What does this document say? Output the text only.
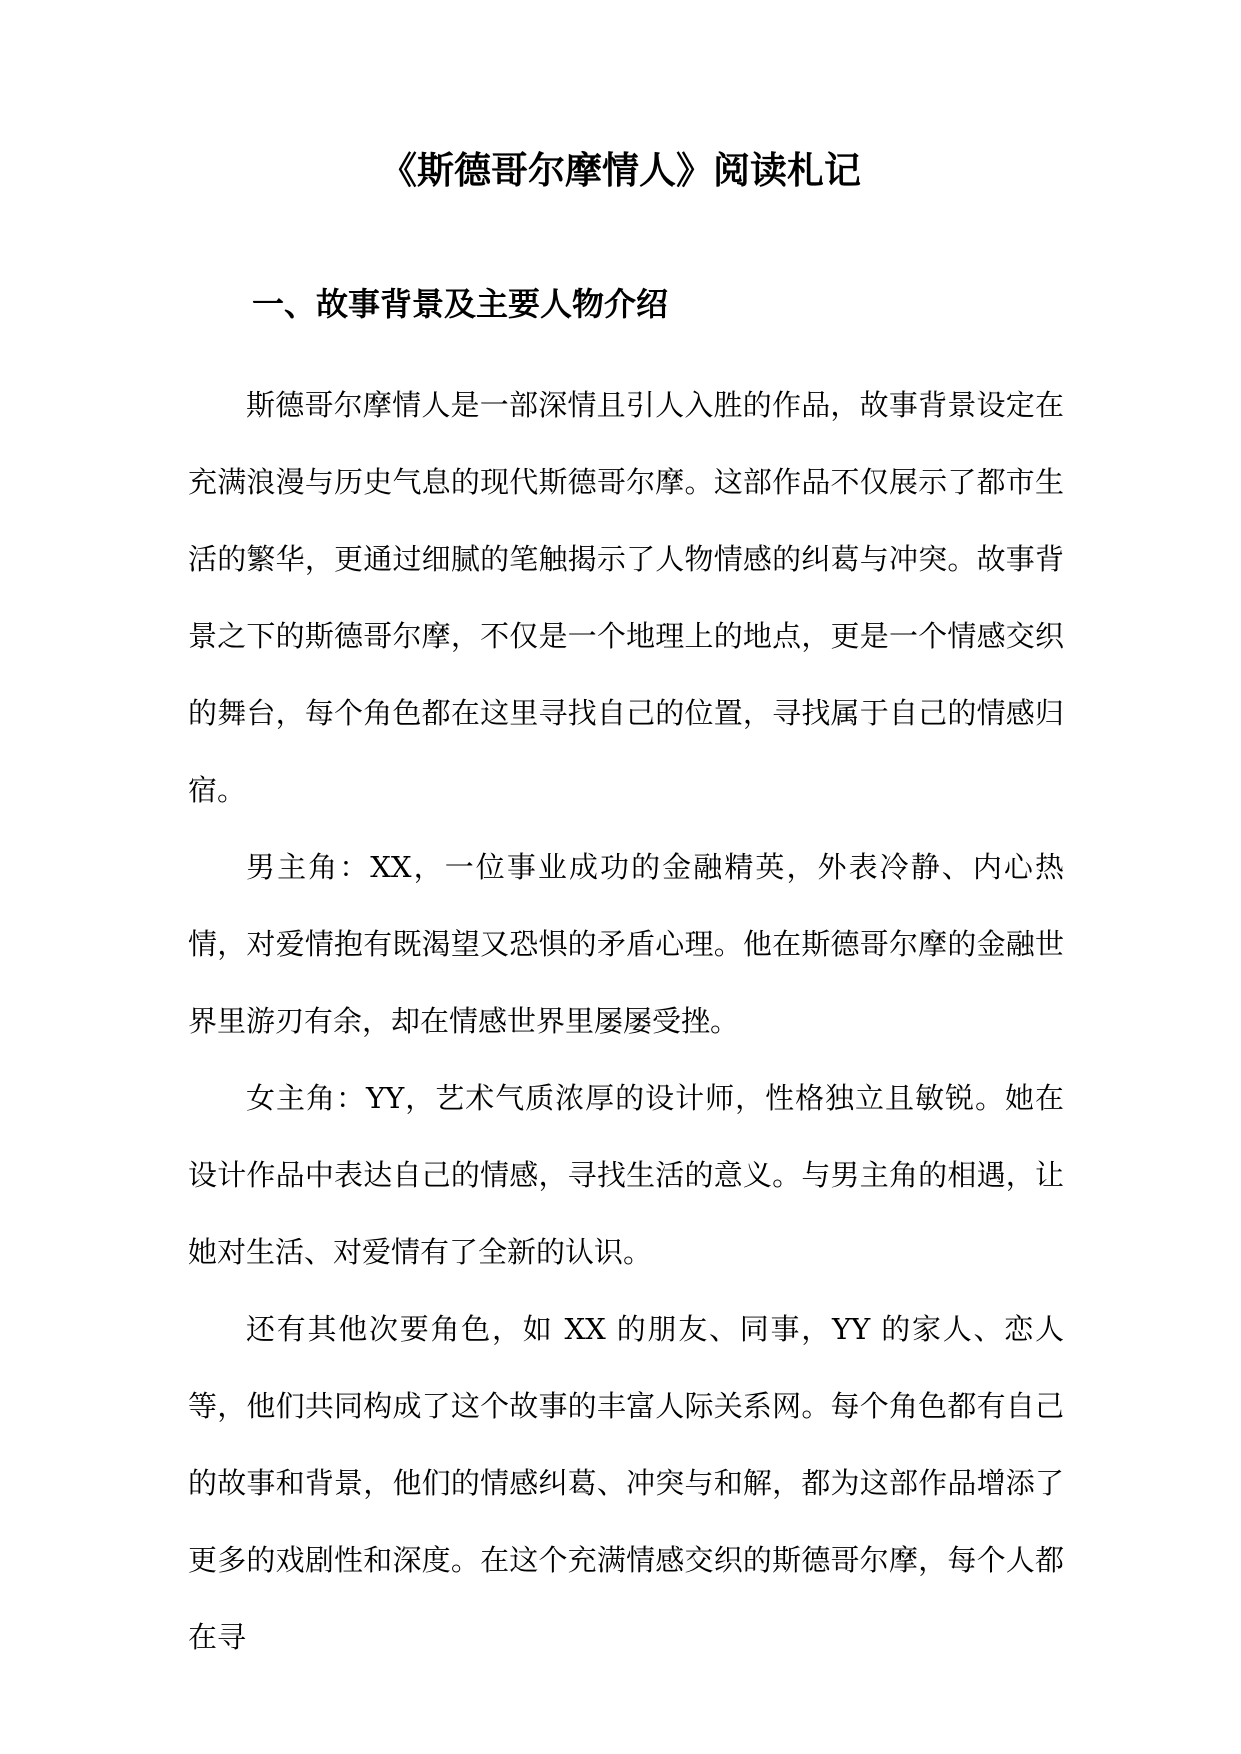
《斯德哥尔摩情人》阅读札记
一、故事背景及主要人物介绍

斯德哥尔摩情人是一部深情且引人入胜的作品，故事背景设定在充满浪漫与历史气息的现代斯德哥尔摩。这部作品不仅展示了都市生活的繁华，更通过细腻的笔触揭示了人物情感的纠葛与冲突。故事背景之下的斯德哥尔摩，不仅是一个地理上的地点，更是一个情感交织的舞台，每个角色都在这里寻找自己的位置，寻找属于自己的情感归宿。

男主角：XX，一位事业成功的金融精英，外表冷静、内心热情，对爱情抱有既渴望又恐惧的矛盾心理。他在斯德哥尔摩的金融世界里游刃有余，却在情感世界里屡屡受挫。

女主角：YY，艺术气质浓厚的设计师，性格独立且敏锐。她在设计作品中表达自己的情感，寻找生活的意义。与男主角的相遇，让她对生活、对爱情有了全新的认识。

还有其他次要角色，如 XX 的朋友、同事，YY 的家人、恋人等，他们共同构成了这个故事的丰富人际关系网。每个角色都有自己的故事和背景，他们的情感纠葛、冲突与和解，都为这部作品增添了更多的戏剧性和深度。在这个充满情感交织的斯德哥尔摩，每个人都在寻
